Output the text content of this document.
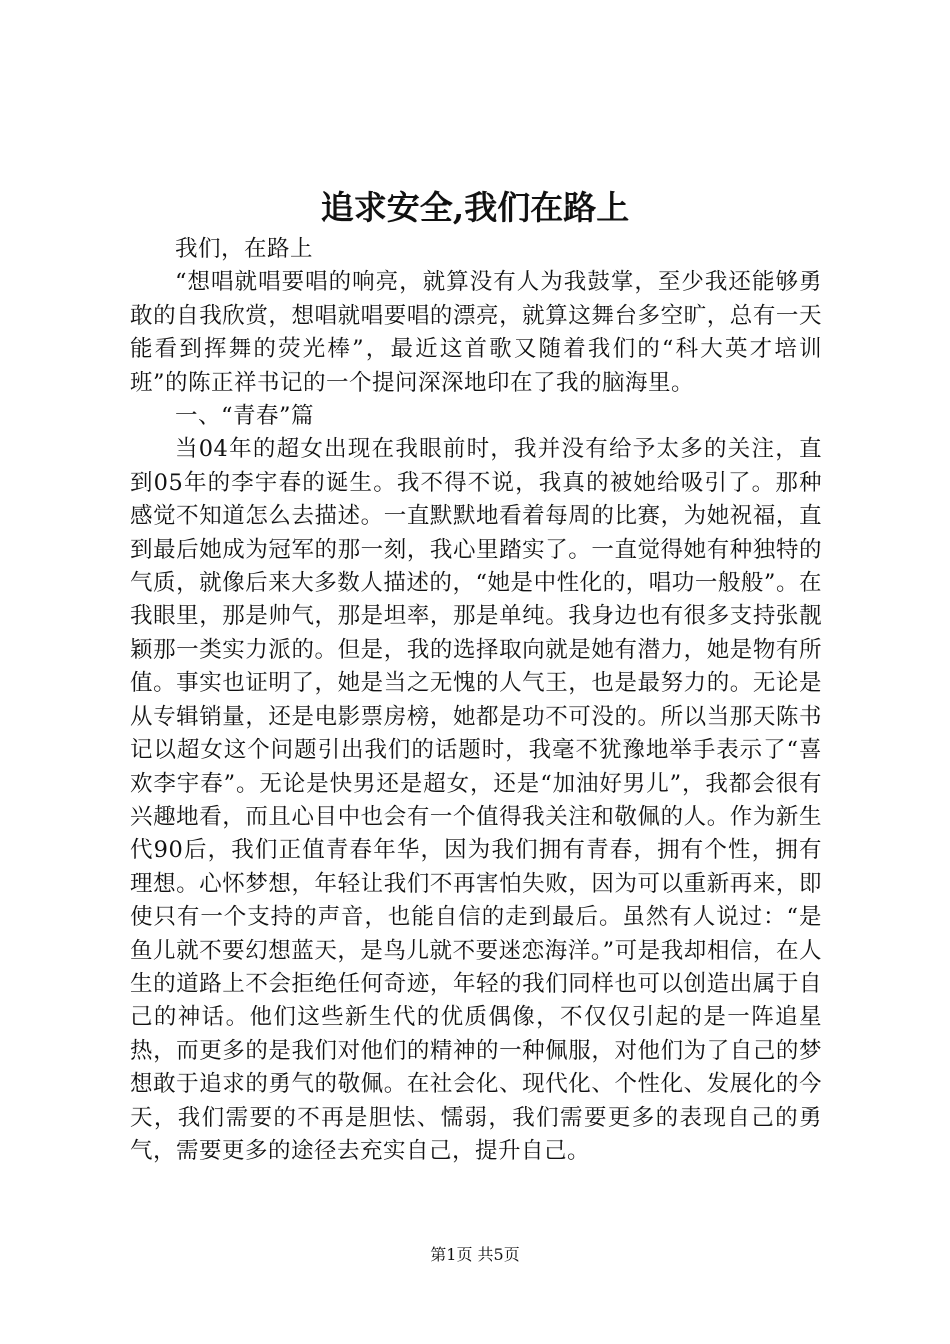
追求安全,我们在路上

我们，在路上

“想唱就唱要唱的响亮，就算没有人为我鼓掌，至少我还能够勇敢的自我欣赏，想唱就唱要唱的漂亮，就算这舞台多空旷，总有一天能看到挥舞的荧光棒”，最近这首歌又随着我们的“科大英才培训班”的陈正祥书记的一个提问深深地印在了我的脑海里。

一、“青春”篇

当04年的超女出现在我眼前时，我并没有给予太多的关注，直到05年的李宇春的诞生。我不得不说，我真的被她给吸引了。那种感觉不知道怎么去描述。一直默默地看着每周的比赛，为她祝福，直到最后她成为冠军的那一刻，我心里踏实了。一直觉得她有种独特的气质，就像后来大多数人描述的，“她是中性化的，唱功一般般”。在我眼里，那是帅气，那是坦率，那是单纯。我身边也有很多支持张靓颖那一类实力派的。但是，我的选择取向就是她有潜力，她是物有所值。事实也证明了，她是当之无愧的人气王，也是最努力的。无论是从专辑销量，还是电影票房榜，她都是功不可没的。所以当那天陈书记以超女这个问题引出我们的话题时，我毫不犹豫地举手表示了“喜欢李宇春”。无论是快男还是超女，还是“加油好男儿”，我都会很有兴趣地看，而且心目中也会有一个值得我关注和敬佩的人。作为新生代90后，我们正值青春年华，因为我们拥有青春，拥有个性，拥有理想。心怀梦想，年轻让我们不再害怕失败，因为可以重新再来，即使只有一个支持的声音，也能自信的走到最后。虽然有人说过：“是鱼儿就不要幻想蓝天，是鸟儿就不要迷恋海洋。”可是我却相信，在人生的道路上不会拒绝任何奇迹，年轻的我们同样也可以创造出属于自己的神话。他们这些新生代的优质偶像，不仅仅引起的是一阵追星热，而更多的是我们对他们的精神的一种佩服，对他们为了自己的梦想敢于追求的勇气的敬佩。在社会化、现代化、个性化、发展化的今天，我们需要的不再是胆怯、懦弱，我们需要更多的表现自己的勇气，需要更多的途径去充实自己，提升自己。

第1页 共5页
